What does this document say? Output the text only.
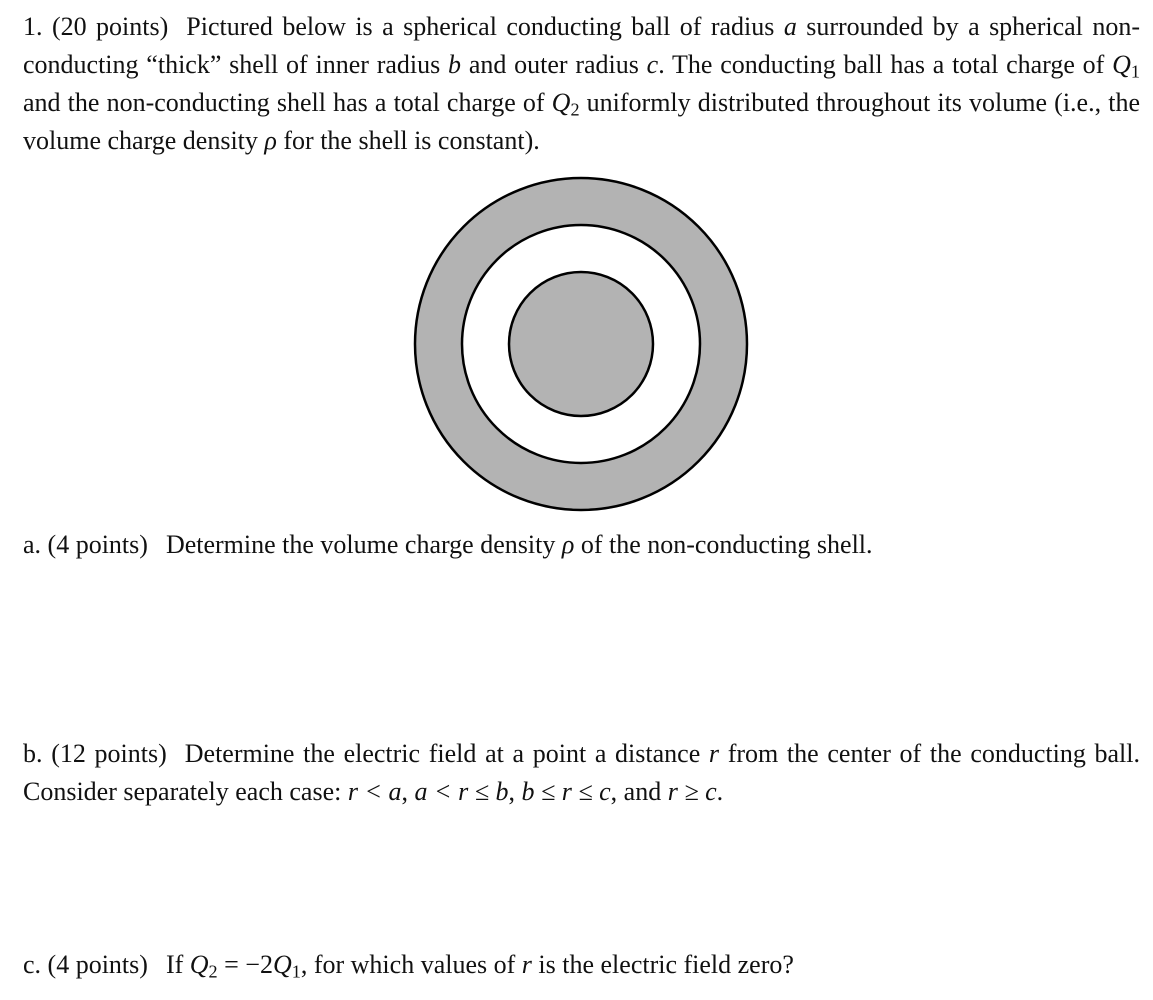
1. (20 points) Pictured below is a spherical conducting ball of radius a surrounded by a spherical non-conducting “thick” shell of inner radius b and outer radius c. The conducting ball has a total charge of $Q_1$ and the non-conducting shell has a total charge of $Q_2$ uniformly distributed throughout its volume (i.e., the volume charge density ρ for the shell is constant).
a. (4 points) Determine the volume charge density ρ of the non-conducting shell.
b. (12 points) Determine the electric field at a point a distance r from the center of the conducting ball. Consider separately each case: r < a, a < r ≤ b, b ≤ r ≤ c, and r ≥ c.
c. (4 points) If $Q_2 = -2Q_1$, for which values of r is the electric field zero?
